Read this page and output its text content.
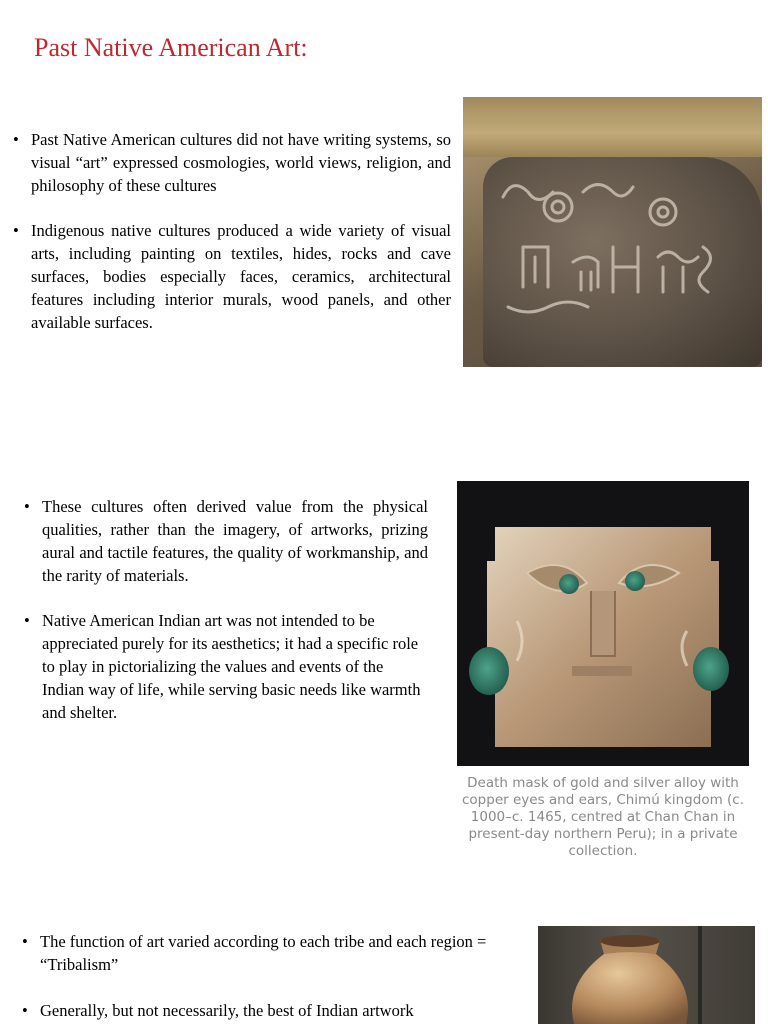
Past Native American Art:
• Past Native American cultures did not have writing systems, so visual “art” expressed cosmologies, world views, religion, and philosophy of these cultures
• Indigenous native cultures produced a wide variety of visual arts, including painting on textiles, hides, rocks and cave surfaces, bodies especially faces, ceramics, architectural features including interior murals, wood panels, and other available surfaces.
• These cultures often derived value from the physical qualities, rather than the imagery, of artworks, prizing aural and tactile features, the quality of workmanship, and the rarity of materials.
• Native American Indian art was not intended to be appreciated purely for its aesthetics; it had a specific role to play in pictorializing the values and events of the Indian way of life, while serving basic needs like warmth and shelter.
Death mask of gold and silver alloy with copper eyes and ears, Chimú kingdom (c. 1000–c. 1465, centred at Chan Chan in present-day northern Peru); in a private collection.
• The function of art varied according to each tribe and each region = “Tribalism”
• Generally, but not necessarily, the best of Indian artwork
